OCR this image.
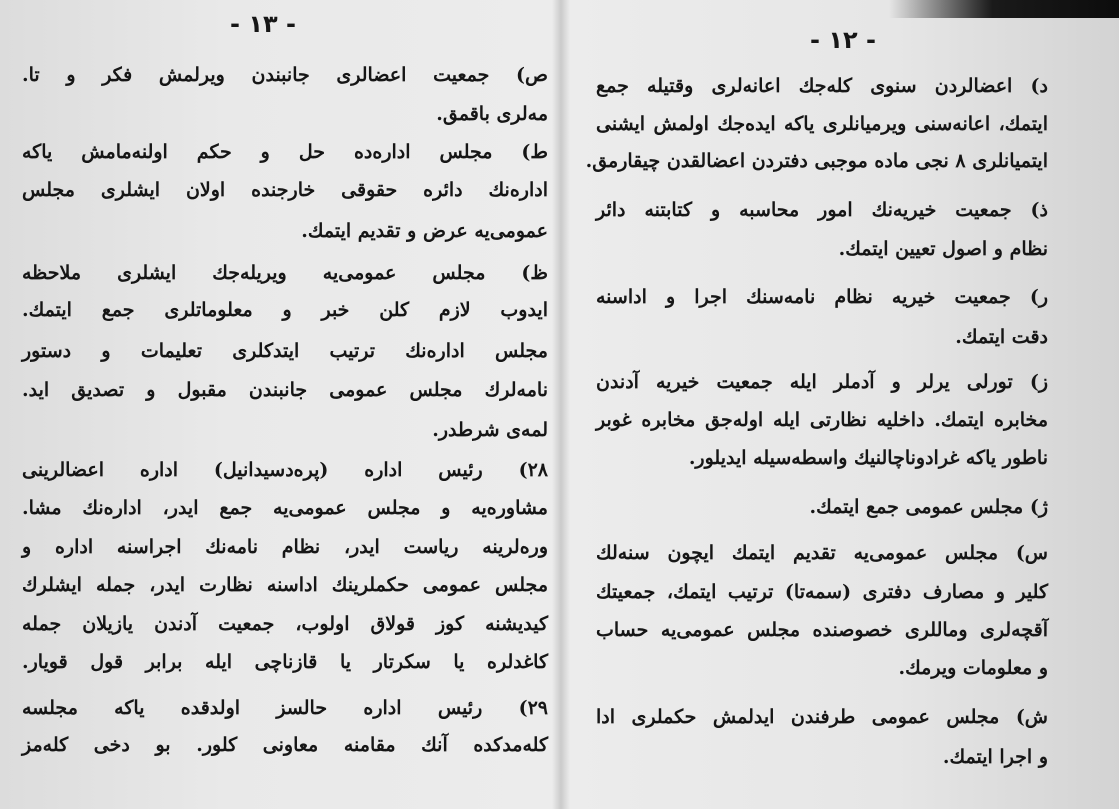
- ۱۳ -
ص) جمعیت اعضالری جانبندن ویرلمش فکر و تا.
مه‌لری باقمق.
ط) مجلس اداره‌ده حل و حکم اولنه‌مامش یاکه
اداره‌نك دائره حقوقی خارجنده اولان ایشلری مجلس
عمومی‌یه عرض و تقدیم ایتمك.
ظ) مجلس عمومی‌یه ویریله‌جك ایشلری ملاحظه
ایدوب لازم کلن خبر و معلوماتلری جمع ایتمك.
مجلس اداره‌نك ترتیب ایتدکلری تعلیمات و دستور
نامه‌لرك مجلس عمومی جانبندن مقبول و تصدیق اید.
لمه‌ی شرطدر.
۲۸) رئیس اداره (پره‌دسیدانیل) اداره اعضالرینی
مشاوره‌یه و مجلس عمومی‌یه جمع ایدر، اداره‌نك مشا.
وره‌لرینه ریاست ایدر، نظام نامه‌نك اجراسنه اداره و
مجلس عمومی حکملرینك اداسنه نظارت ایدر، جمله ایشلرك
کیدیشنه کوز قولاق اولوب، جمعیت آدندن یازیلان جمله
کاغدلره یا سکرتار یا قازناچی ایله برابر قول قویار.
۲۹) رئیس اداره حالسز اولدقده یاکه مجلسه
کله‌مدکده آنك مقامنه معاونی کلور. بو دخی کله‌مز
- ۱۲ -
د) اعضالردن سنوی کله‌جك اعانه‌لری وقتیله جمع
ایتمك، اعانه‌سنی ویرمیانلری یاکه ایده‌جك اولمش ایشنی
ایتمیانلری ۸ نجی ماده موجبی دفتردن اعضالقدن چیقارمق.
ذ) جمعیت خیریه‌نك امور محاسبه و کتابتنه دائر
نظام و اصول تعیین ایتمك.
ر) جمعیت خیریه نظام نامه‌سنك اجرا و اداسنه
دقت ایتمك.
ز) تورلی یرلر و آدملر ایله جمعیت خیریه آدندن
مخابره ایتمك. داخلیه نظارتی ایله اوله‌جق مخابره غوبر
ناطور یاکه غرادوناچالنیك واسطه‌سیله ایدیلور.
ژ) مجلس عمومی جمع ایتمك.
س) مجلس عمومی‌یه تقدیم ایتمك ایچون سنه‌لك
کلیر و مصارف دفتری (سمه‌تا) ترتیب ایتمك، جمعیتك
آقچه‌لری وماللری خصوصنده مجلس عمومی‌یه حساب
و معلومات ویرمك.
ش) مجلس عمومی طرفندن ایدلمش حکملری ادا
و اجرا ایتمك.
